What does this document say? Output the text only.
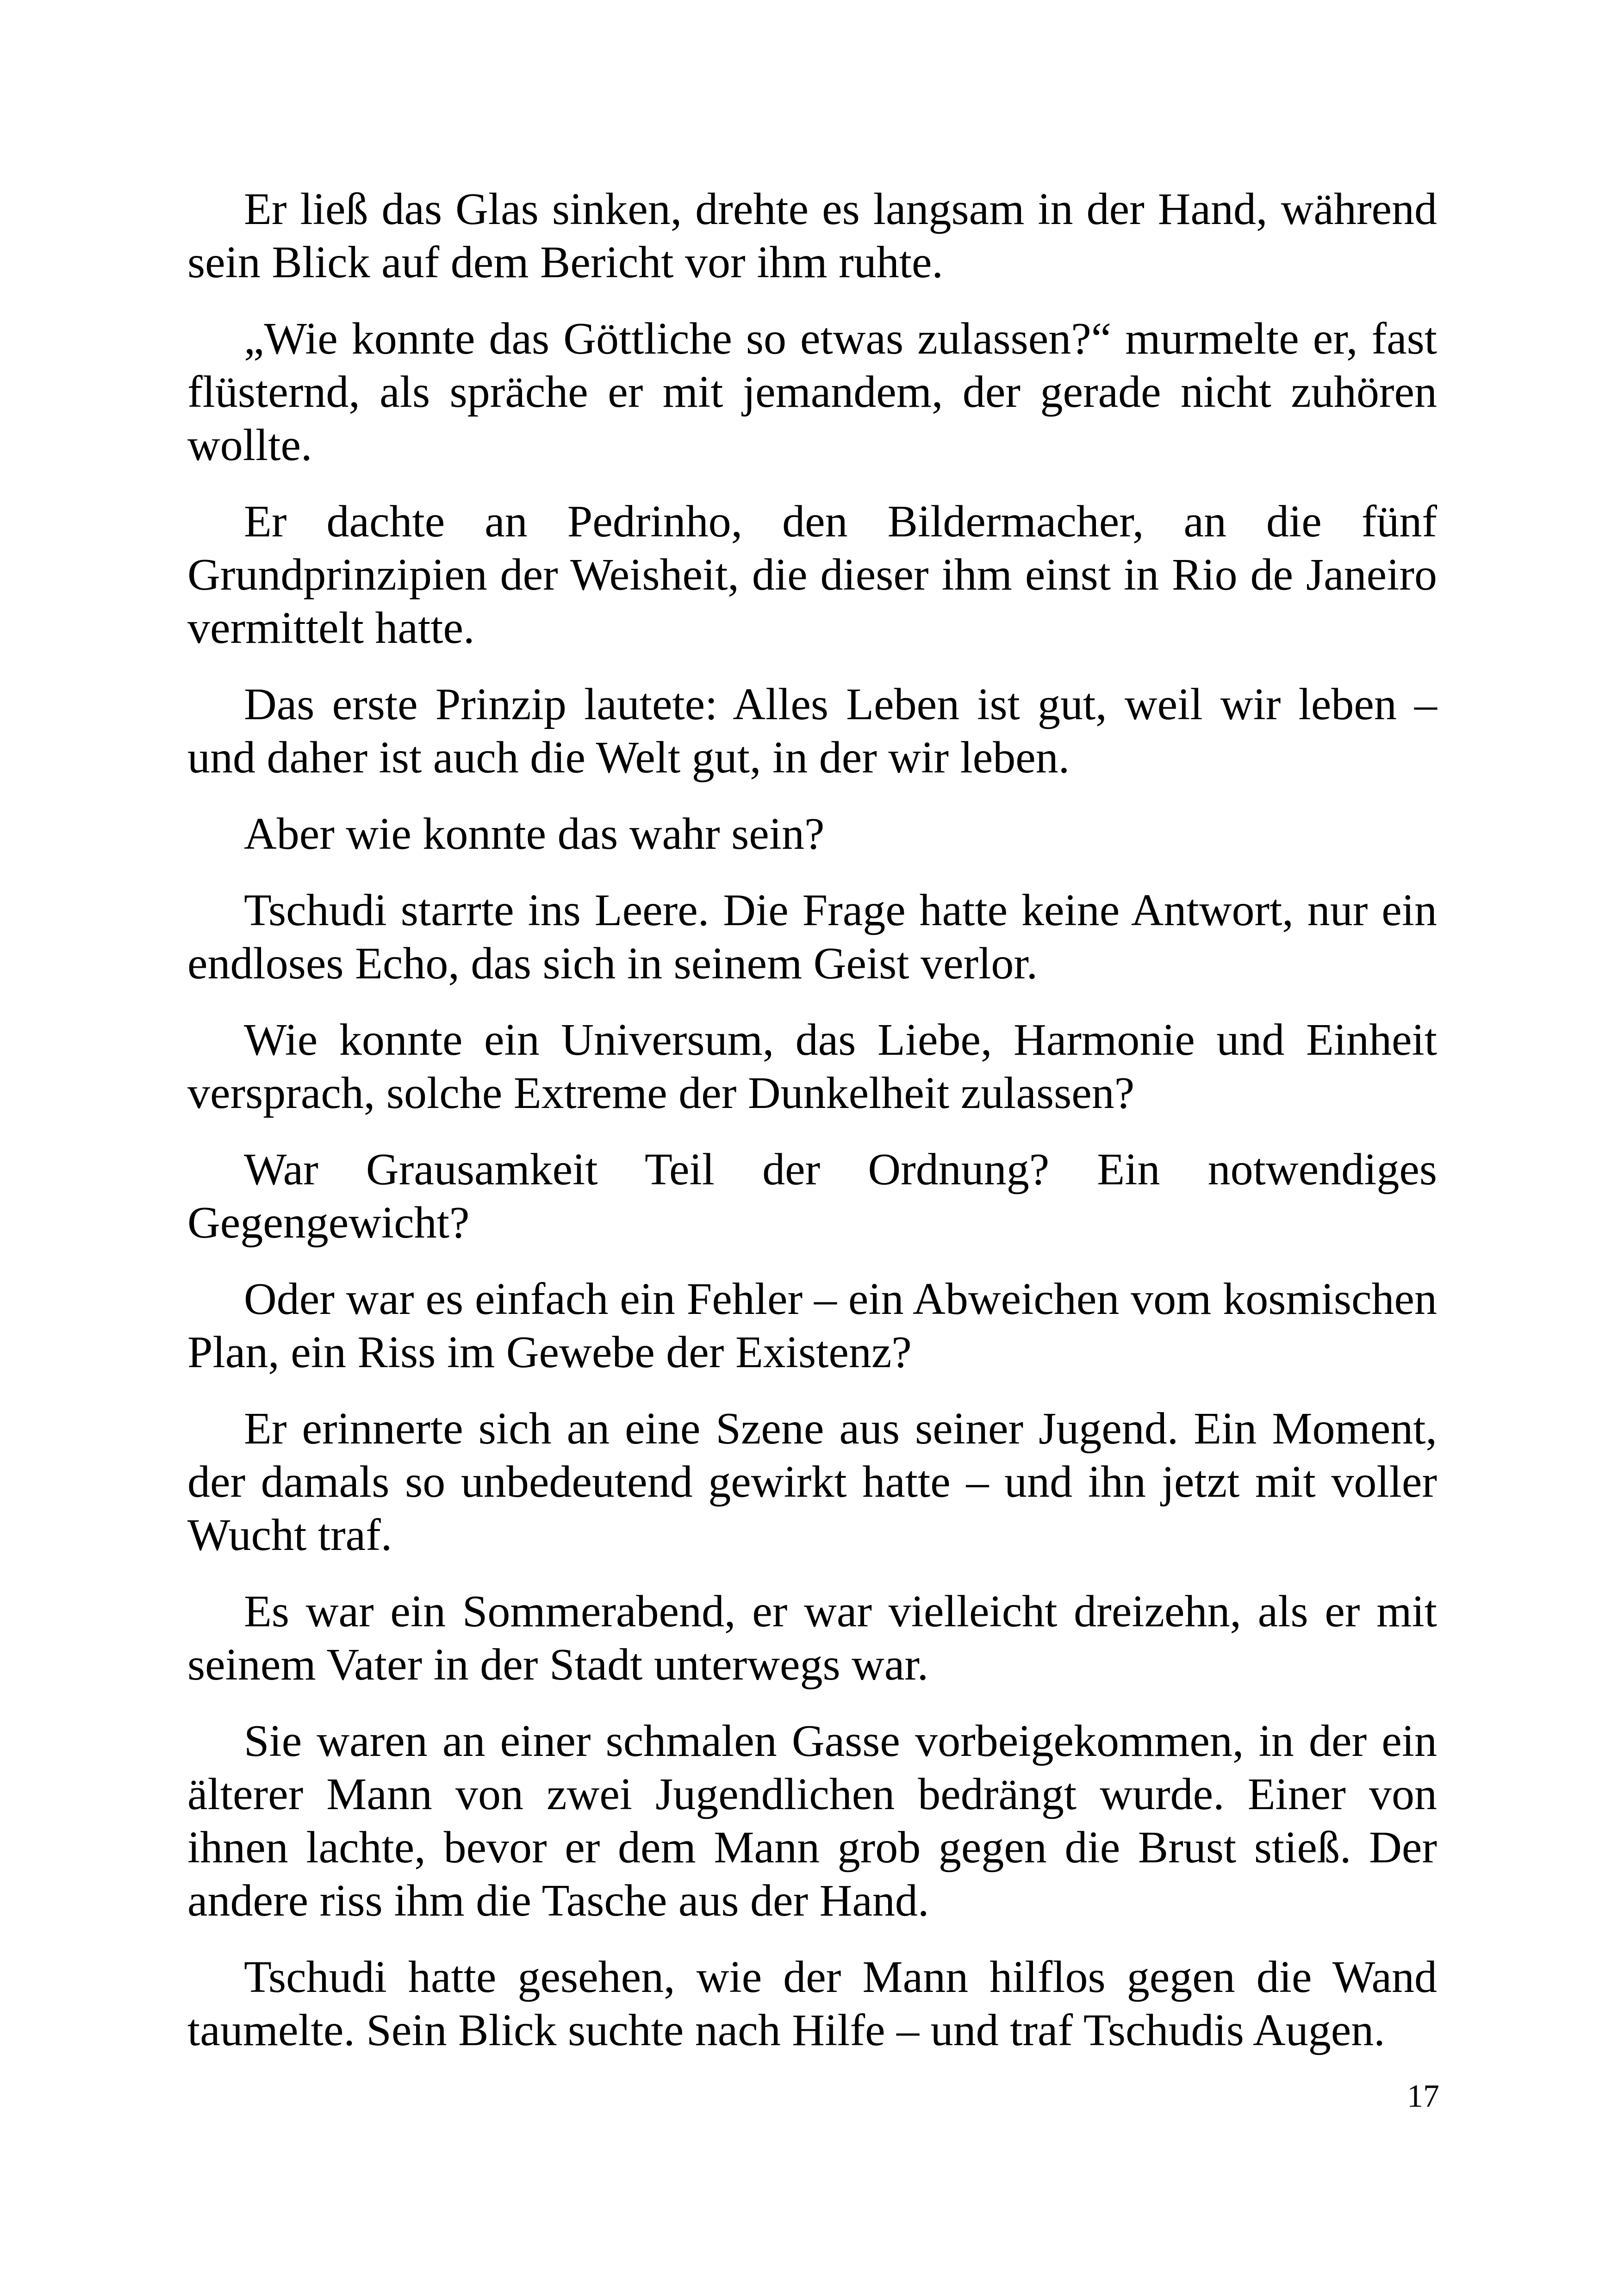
Er ließ das Glas sinken, drehte es langsam in der Hand, während sein Blick auf dem Bericht vor ihm ruhte.

„Wie konnte das Göttliche so etwas zulassen?“ murmelte er, fast flüsternd, als spräche er mit jemandem, der gerade nicht zuhören wollte.

Er dachte an Pedrinho, den Bildermacher, an die fünf Grundprinzipien der Weisheit, die dieser ihm einst in Rio de Janeiro vermittelt hatte.

Das erste Prinzip lautete: Alles Leben ist gut, weil wir leben – und daher ist auch die Welt gut, in der wir leben.

Aber wie konnte das wahr sein?

Tschudi starrte ins Leere. Die Frage hatte keine Antwort, nur ein endloses Echo, das sich in seinem Geist verlor.

Wie konnte ein Universum, das Liebe, Harmonie und Einheit versprach, solche Extreme der Dunkelheit zulassen?

War Grausamkeit Teil der Ordnung? Ein notwendiges Gegengewicht?

Oder war es einfach ein Fehler – ein Abweichen vom kosmischen Plan, ein Riss im Gewebe der Existenz?

Er erinnerte sich an eine Szene aus seiner Jugend. Ein Moment, der damals so unbedeutend gewirkt hatte – und ihn jetzt mit voller Wucht traf.

Es war ein Sommerabend, er war vielleicht dreizehn, als er mit seinem Vater in der Stadt unterwegs war.

Sie waren an einer schmalen Gasse vorbeigekommen, in der ein älterer Mann von zwei Jugendlichen bedrängt wurde. Einer von ihnen lachte, bevor er dem Mann grob gegen die Brust stieß. Der andere riss ihm die Tasche aus der Hand.

Tschudi hatte gesehen, wie der Mann hilflos gegen die Wand taumelte. Sein Blick suchte nach Hilfe – und traf Tschudis Augen.

17
